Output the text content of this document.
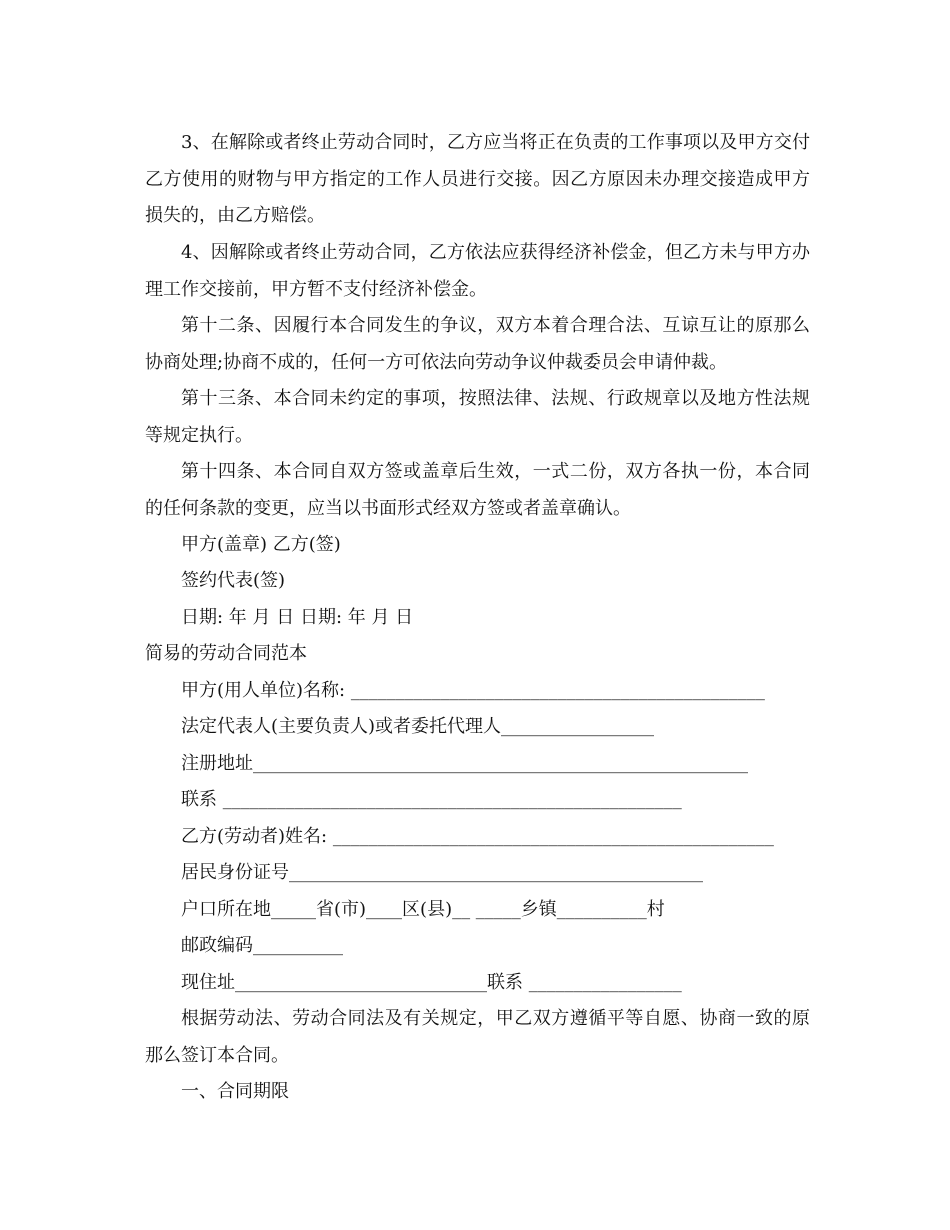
3、在解除或者终止劳动合同时，乙方应当将正在负责的工作事项以及甲方交付乙方使用的财物与甲方指定的工作人员进行交接。因乙方原因未办理交接造成甲方损失的，由乙方赔偿。

4、因解除或者终止劳动合同，乙方依法应获得经济补偿金，但乙方未与甲方办理工作交接前，甲方暂不支付经济补偿金。

第十二条、因履行本合同发生的争议，双方本着合理合法、互谅互让的原那么协商处理;协商不成的，任何一方可依法向劳动争议仲裁委员会申请仲裁。

第十三条、本合同未约定的事项，按照法律、法规、行政规章以及地方性法规等规定执行。

第十四条、本合同自双方签或盖章后生效，一式二份，双方各执一份，本合同的任何条款的变更，应当以书面形式经双方签或者盖章确认。

甲方(盖章) 乙方(签)

签约代表(签)

日期: 年 月 日 日期: 年 月 日

简易的劳动合同范本

甲方(用人单位)名称: ______________________________________________

法定代表人(主要负责人)或者委托代理人_________________

注册地址_______________________________________________________

联系 ___________________________________________________

乙方(劳动者)姓名: _________________________________________________

居民身份证号______________________________________________

户口所在地_____省(市)____区(县)__ _____乡镇__________村

邮政编码__________

现住址____________________________联系 _________________

根据劳动法、劳动合同法及有关规定，甲乙双方遵循平等自愿、协商一致的原那么签订本合同。

一、合同期限
